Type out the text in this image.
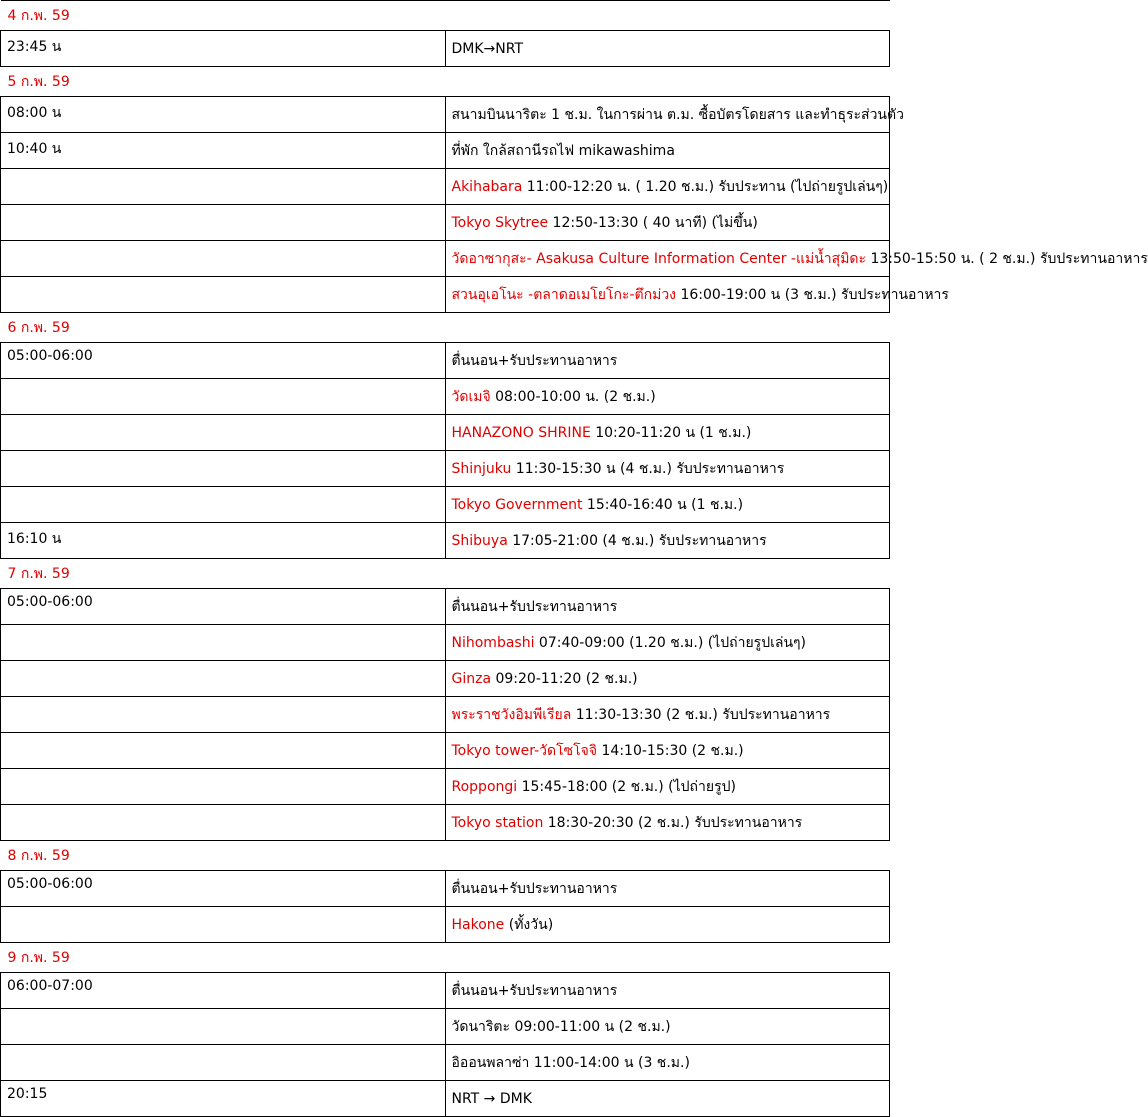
4 ก.พ. 59	
23:45 น	DMK→NRT
5 ก.พ. 59	
08:00 น	สนามบินนาริตะ 1 ช.ม. ในการผ่าน ต.ม. ซื้อบัตรโดยสาร และทำธุระส่วนตัว
10:40 น	ที่พัก ใกล้สถานีรถไฟ mikawashima
	Akihabara 11:00-12:20 น. ( 1.20 ช.ม.) รับประทาน (ไปถ่ายรูปเล่นๆ)
	Tokyo Skytree 12:50-13:30 ( 40 นาที) (ไม่ขึ้น)
	วัดอาซากุสะ- Asakusa Culture Information Center -แม่น้ำสุมิดะ 13:50-15:50 น. ( 2 ช.ม.) รับประทานอาหาร
	สวนอุเอโนะ -ตลาดอเมโยโกะ-ตึกม่วง 16:00-19:00 น (3 ช.ม.) รับประทานอาหาร
6 ก.พ. 59	
05:00-06:00	ตื่นนอน+รับประทานอาหาร
	วัดเมจิ 08:00-10:00 น. (2 ช.ม.)
	HANAZONO SHRINE 10:20-11:20 น (1 ช.ม.)
	Shinjuku 11:30-15:30 น (4 ช.ม.) รับประทานอาหาร
	Tokyo Government 15:40-16:40 น (1 ช.ม.)
16:10 น	Shibuya 17:05-21:00 (4 ช.ม.) รับประทานอาหาร
7 ก.พ. 59	
05:00-06:00	ตื่นนอน+รับประทานอาหาร
	Nihombashi 07:40-09:00 (1.20 ช.ม.) (ไปถ่ายรูปเล่นๆ)
	Ginza 09:20-11:20 (2 ช.ม.)
	พระราชวังอิมพีเรียล 11:30-13:30 (2 ช.ม.) รับประทานอาหาร
	Tokyo tower-วัดโซโจจิ 14:10-15:30 (2 ช.ม.)
	Roppongi 15:45-18:00 (2 ช.ม.) (ไปถ่ายรูป)
	Tokyo station 18:30-20:30 (2 ช.ม.) รับประทานอาหาร
8 ก.พ. 59	
05:00-06:00	ตื่นนอน+รับประทานอาหาร
	Hakone (ทั้งวัน)
9 ก.พ. 59	
06:00-07:00	ตื่นนอน+รับประทานอาหาร
	วัดนาริตะ 09:00-11:00 น (2 ช.ม.)
	อิออนพลาซ่า 11:00-14:00 น (3 ช.ม.)
20:15	NRT → DMK
